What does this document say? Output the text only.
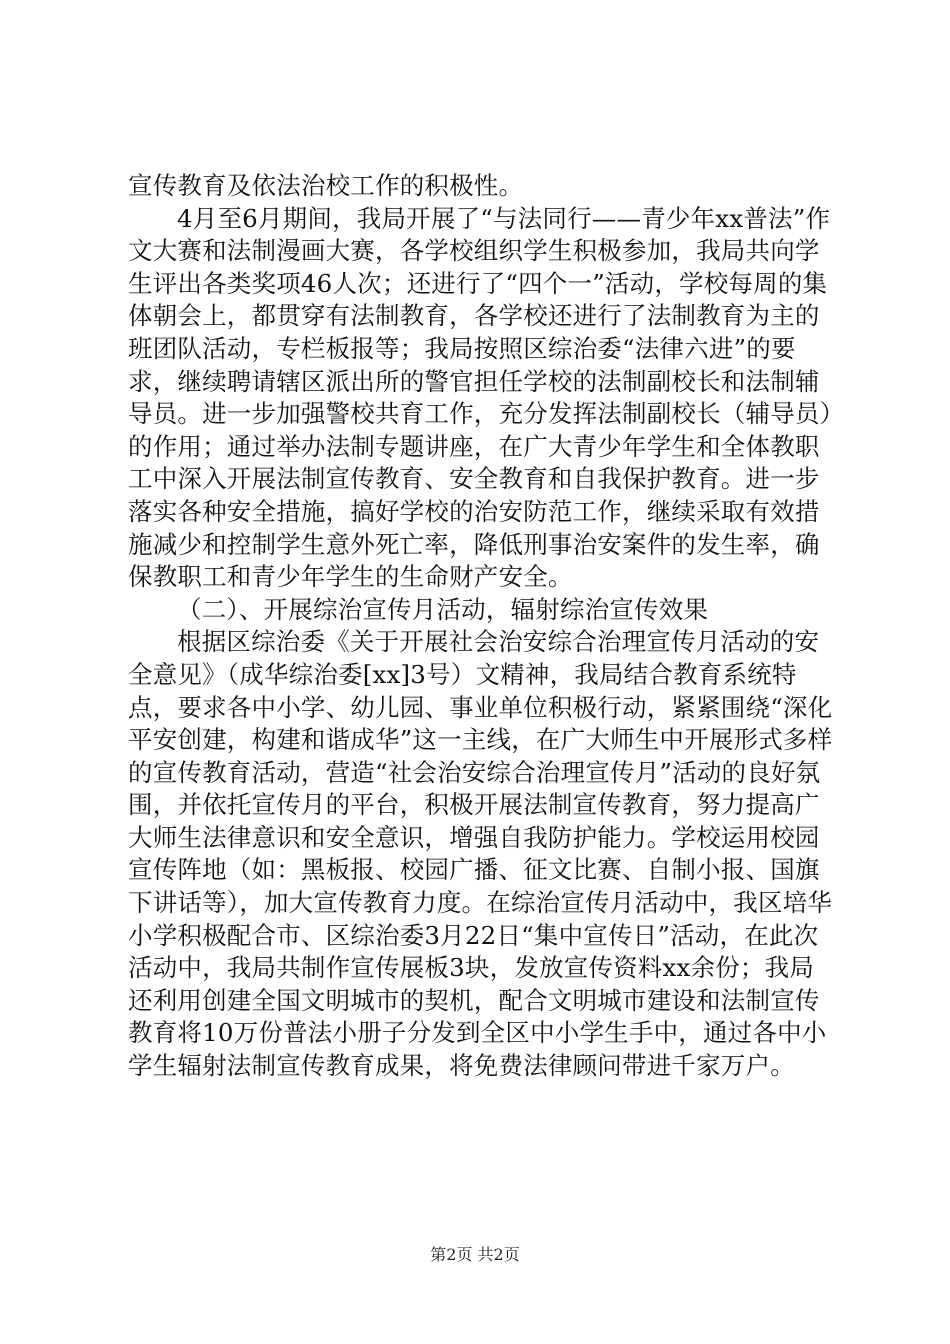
宣传教育及依法治校工作的积极性。

4月至6月期间，我局开展了“与法同行——青少年xx普法”作文大赛和法制漫画大赛，各学校组织学生积极参加，我局共向学生评出各类奖项46人次；还进行了“四个一”活动，学校每周的集体朝会上，都贯穿有法制教育，各学校还进行了法制教育为主的班团队活动，专栏板报等；我局按照区综治委“法律六进”的要求，继续聘请辖区派出所的警官担任学校的法制副校长和法制辅导员。进一步加强警校共育工作，充分发挥法制副校长（辅导员）的作用；通过举办法制专题讲座，在广大青少年学生和全体教职工中深入开展法制宣传教育、安全教育和自我保护教育。进一步落实各种安全措施，搞好学校的治安防范工作，继续采取有效措施减少和控制学生意外死亡率，降低刑事治安案件的发生率，确保教职工和青少年学生的生命财产安全。

（二）、开展综治宣传月活动，辐射综治宣传效果

根据区综治委《关于开展社会治安综合治理宣传月活动的安全意见》（成华综治委[xx]3号）文精神，我局结合教育系统特点，要求各中小学、幼儿园、事业单位积极行动，紧紧围绕“深化平安创建，构建和谐成华”这一主线，在广大师生中开展形式多样的宣传教育活动，营造“社会治安综合治理宣传月”活动的良好氛围，并依托宣传月的平台，积极开展法制宣传教育，努力提高广大师生法律意识和安全意识，增强自我防护能力。学校运用校园宣传阵地（如：黑板报、校园广播、征文比赛、自制小报、国旗下讲话等），加大宣传教育力度。在综治宣传月活动中，我区培华小学积极配合市、区综治委3月22日“集中宣传日”活动，在此次活动中，我局共制作宣传展板3块，发放宣传资料xx余份；我局还利用创建全国文明城市的契机，配合文明城市建设和法制宣传教育将10万份普法小册子分发到全区中小学生手中，通过各中小学生辐射法制宣传教育成果，将免费法律顾问带进千家万户。

第2页 共2页
